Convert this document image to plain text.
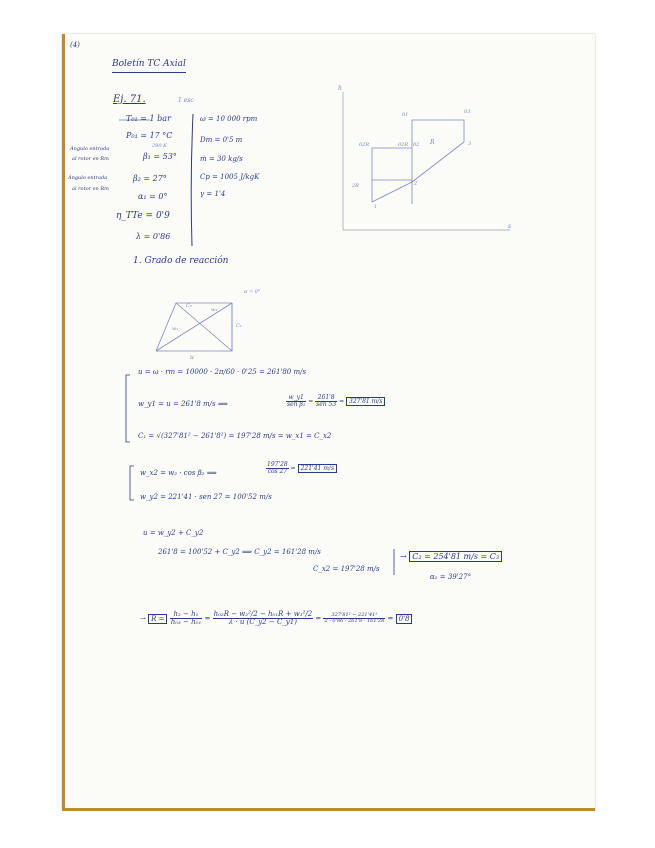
(4)
Boletín TC Axial
Ej. 71.	1 esc
T₀₁ = 1 bar
P₀₁ = 17 °C
290 K
Ángulo entrada
al rotor en Rm	β₁ = 53°
Ángulo entrada
al rotor en Rm
β₂ = 27°
α₁ = 0°
η_TTe = 0'9
λ = 0'86
ω = 10 000 rpm
Dm = 0'5 m
ṁ = 30 kg/s
Cp = 1005 J/kgK
γ = 1'4
h
s
01	03
02R	02R 02
2R
3
2
1
R
1. Grado de reacción
α = 0°
u
C₂
w₂
w₁	C₁
u = ω · rm = 10000 · 2π/60 · 0'25 = 261'80 m/s
w_y1 = u = 261'8 m/s ⟹	$\frac{w\_y1}{\text{sen β₁}} = \frac{261'8}{\text{sen 53}} = 327'81$ m/s
C₁ = √(327'81² − 261'8²) = 197'28 m/s = w_x1 = C_x2
w_x2 = w₂ · cos β₂ ⟹	$\frac{197'28}{\cos 27} = 221'41$ m/s
w_y2 = 221'41 · sen 27 = 100'52 m/s
u = w_y2 + C_y2
261'8 = 100'52 + C_y2 ⟹ C_y2 = 161'28 m/s
C_x2 = 197'28 m/s
→ C₂ = 254'81 m/s = C₃
α₂ = 39'27°
→ $R = \frac{\text{h₂ − h₁}}{\text{h₀₃ − h₀₁}} = \frac{\text{h₀₂R − w₂²/2 − h₀₁R + w₁²/2}}{\lambda \cdot u (C\_y2 - C\_y1)} = \frac{\text{327'81² − 221'41²}}{2 \cdot 0'86 \cdot 261'8 \cdot 161'28} = 0'8$
